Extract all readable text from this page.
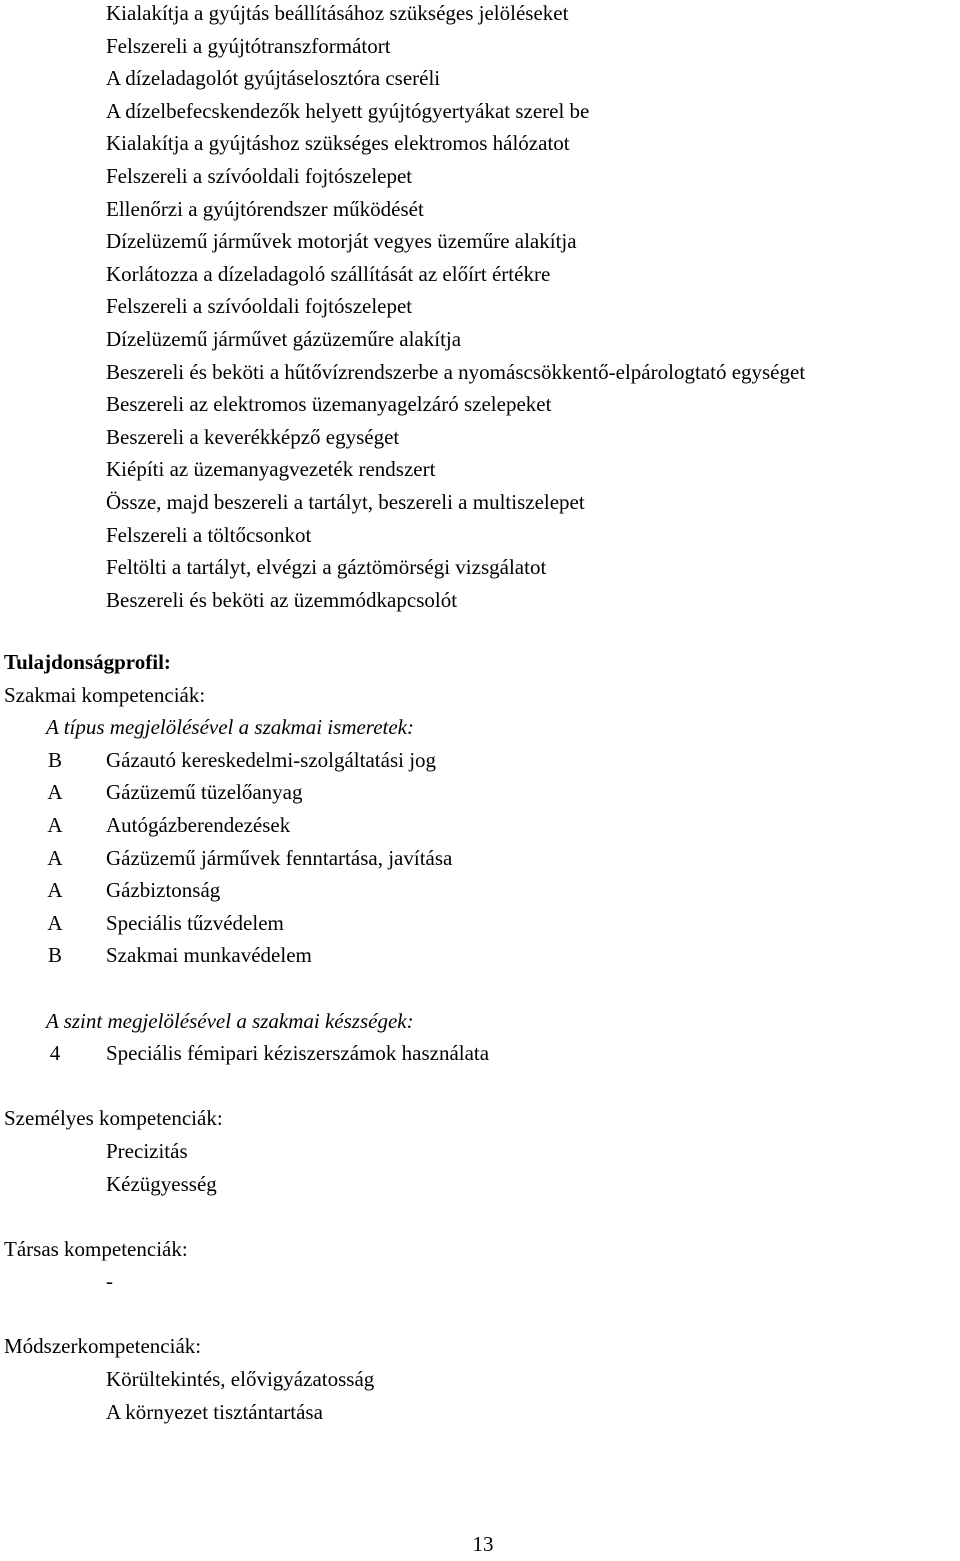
Kialakítja a gyújtás beállításához szükséges jelöléseket
Felszereli a gyújtótranszformátort
A dízeladagolót gyújtáselosztóra cseréli
A dízelbefecskendezők helyett gyújtógyertyákat szerel be
Kialakítja a gyújtáshoz szükséges elektromos hálózatot
Felszereli a szívóoldali fojtószelepet
Ellenőrzi a gyújtórendszer működését
Dízelüzemű járművek motorját vegyes üzeműre alakítja
Korlátozza a dízeladagoló szállítását az előírt értékre
Felszereli a szívóoldali fojtószelepet
Dízelüzemű járművet gázüzeműre alakítja
Beszereli és beköti a hűtővízrendszerbe a nyomáscsökkentő-elpárologtató egységet
Beszereli az elektromos üzemanyagelzáró szelepeket
Beszereli a keverékképző egységet
Kiépíti az üzemanyagvezeték rendszert
Össze, majd beszereli a tartályt, beszereli a multiszelepet
Felszereli a töltőcsonkot
Feltölti a tartályt, elvégzi a gáztömörségi vizsgálatot
Beszereli és beköti az üzemmódkapcsolót
Tulajdonságprofil:
Szakmai kompetenciák:
A típus megjelölésével a szakmai ismeretek:
B	Gázautó kereskedelmi-szolgáltatási jog
A	Gázüzemű tüzelőanyag
A	Autógázberendezések
A	Gázüzemű járművek fenntartása, javítása
A	Gázbiztonság
A	Speciális tűzvédelem
B	Szakmai munkavédelem
A szint megjelölésével a szakmai készségek:
4	Speciális fémipari kéziszerszámok használata
Személyes kompetenciák:
Precizitás
Kézügyesség
Társas kompetenciák:
-
Módszerkompetenciák:
Körültekintés, elővigyázatosság
A környezet tisztántartása
13
